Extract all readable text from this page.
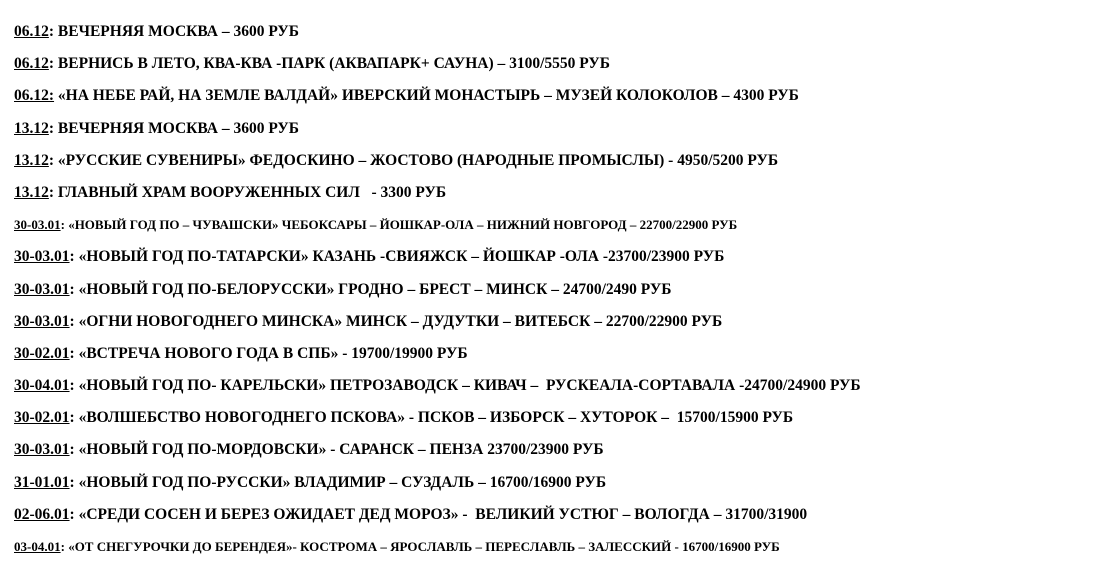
06.12: ВЕЧЕРНЯЯ МОСКВА – 3600 РУБ
06.12: ВЕРНИСЬ В ЛЕТО, КВА-КВА -ПАРК (АКВАПАРК+ САУНА) – 3100/5550 РУБ
06.12: «НА НЕБЕ РАЙ, НА ЗЕМЛЕ ВАЛДАЙ» ИВЕРСКИЙ МОНАСТЫРЬ – МУЗЕЙ КОЛОКОЛОВ – 4300 РУБ
13.12: ВЕЧЕРНЯЯ МОСКВА – 3600 РУБ
13.12: «РУССКИЕ СУВЕНИРЫ» ФЕДОСКИНО – ЖОСТОВО (НАРОДНЫЕ ПРОМЫСЛЫ) - 4950/5200 РУБ
13.12: ГЛАВНЫЙ ХРАМ ВООРУЖЕННЫХ СИЛ   - 3300 РУБ
30-03.01: «НОВЫЙ ГОД ПО – ЧУВАШСКИ» ЧЕБОКСАРЫ – ЙОШКАР-ОЛА – НИЖНИЙ НОВГОРОД – 22700/22900 РУБ
30-03.01: «НОВЫЙ ГОД ПО-ТАТАРСКИ» КАЗАНЬ -СВИЯЖСК – ЙОШКАР -ОЛА -23700/23900 РУБ
30-03.01: «НОВЫЙ ГОД ПО-БЕЛОРУССКИ» ГРОДНО – БРЕСТ – МИНСК – 24700/2490 РУБ
30-03.01: «ОГНИ НОВОГОДНЕГО МИНСКА» МИНСК – ДУДУТКИ – ВИТЕБСК – 22700/22900 РУБ
30-02.01: «ВСТРЕЧА НОВОГО ГОДА В СПБ» - 19700/19900 РУБ
30-04.01: «НОВЫЙ ГОД ПО- КАРЕЛЬСКИ» ПЕТРОЗАВОДСК – КИВАЧ –  РУСКЕАЛА-СОРТАВАЛА -24700/24900 РУБ
30-02.01: «ВОЛШЕБСТВО НОВОГОДНЕГО ПСКОВА» - ПСКОВ – ИЗБОРСК – ХУТОРОК –  15700/15900 РУБ
30-03.01: «НОВЫЙ ГОД ПО-МОРДОВСКИ» - САРАНСК – ПЕНЗА 23700/23900 РУБ
31-01.01: «НОВЫЙ ГОД ПО-РУССКИ» ВЛАДИМИР – СУЗДАЛЬ – 16700/16900 РУБ
02-06.01: «СРЕДИ СОСЕН И БЕРЕЗ ОЖИДАЕТ ДЕД МОРОЗ» -  ВЕЛИКИЙ УСТЮГ – ВОЛОГДА – 31700/31900
03-04.01: «ОТ СНЕГУРОЧКИ ДО БЕРЕНДЕЯ»- КОСТРОМА – ЯРОСЛАВЛЬ – ПЕРЕСЛАВЛЬ – ЗАЛЕССКИЙ - 16700/16900 РУБ
